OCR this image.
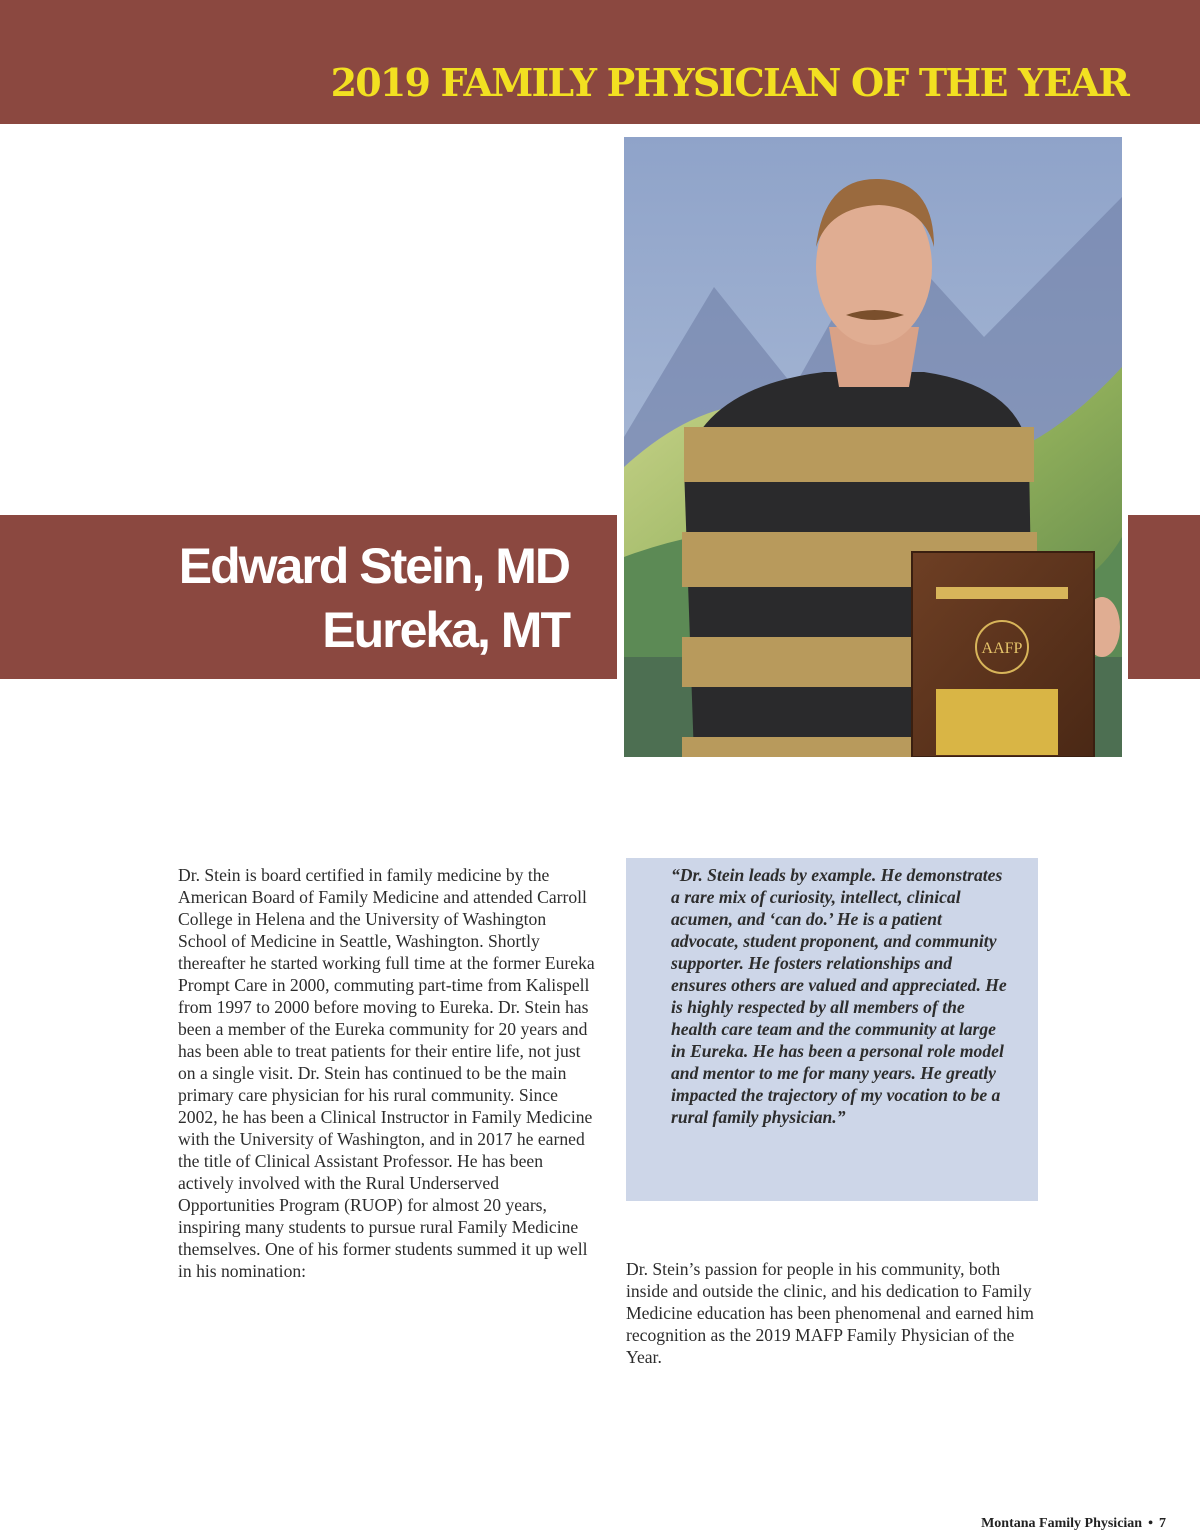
2019 FAMILY PHYSICIAN OF THE YEAR
Edward Stein, MD
Eureka, MT	AAFP

Dr. Stein is board certified in family medicine by the American Board of Family Medicine and attended Carroll College in Helena and the University of Washington School of Medicine in Seattle, Washington. Shortly thereafter he started working full time at the former Eureka Prompt Care in 2000, commuting part-time from Kalispell from 1997 to 2000 before moving to Eureka. Dr. Stein has been a member of the Eureka community for 20 years and has been able to treat patients for their entire life, not just on a single visit. Dr. Stein has continued to be the main primary care physician for his rural community. Since 2002, he has been a Clinical Instructor in Family Medicine with the University of Washington, and in 2017 he earned the title of Clinical Assistant Professor. He has been actively involved with the Rural Underserved Opportunities Program (RUOP) for almost 20 years, inspiring many students to pursue rural Family Medicine themselves. One of his former students summed it up well in his nomination:

“Dr. Stein leads by example. He demonstrates a rare mix of curiosity, intellect, clinical acumen, and ‘can do.’ He is a patient advocate, student proponent, and community supporter. He fosters relationships and ensures others are valued and appreciated. He is highly respected by all members of the health care team and the community at large in Eureka. He has been a personal role model and mentor to me for many years. He greatly impacted the trajectory of my vocation to be a rural family physician.”

Dr. Stein’s passion for people in his community, both inside and outside the clinic, and his dedication to Family Medicine education has been phenomenal and earned him recognition as the 2019 MAFP Family Physician of the Year.

Montana Family Physician • 7
